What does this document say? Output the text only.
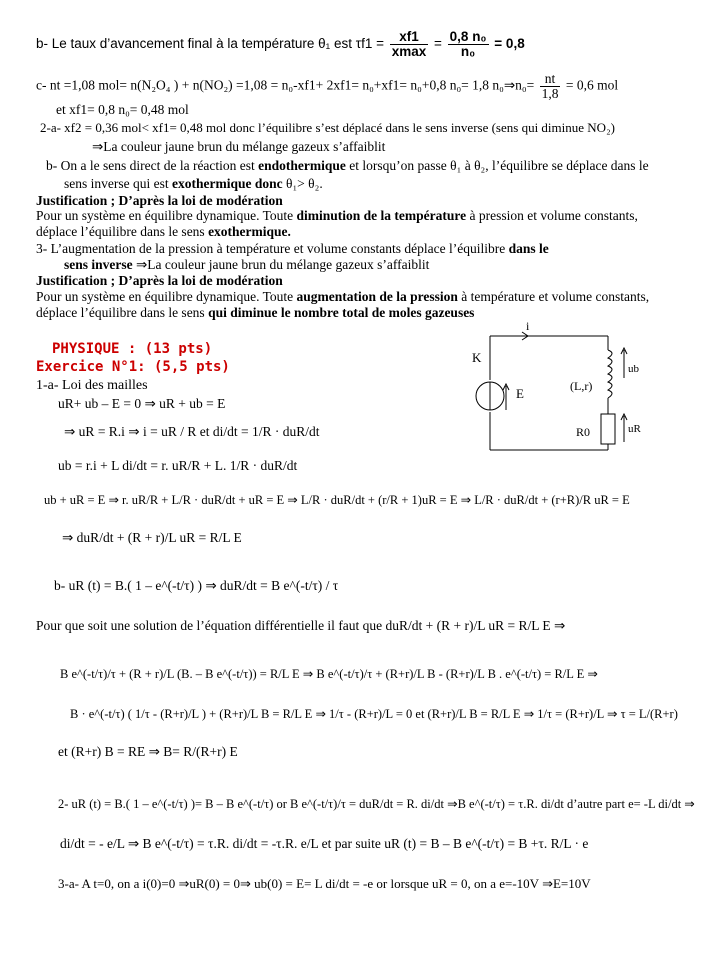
b- Le taux d’avancement final à la température θ₁ est $\tau f1 = \frac{xf1}{xmax} = \frac{\text{0,8 n₀}}{\text{n₀}} = 0,8$
c- nt =1,08 mol= n(N₂O₄ ) + n(NO₂) =1,08 = n₀-xf1+ 2xf1= n₀+xf1= n₀+0,8 n₀= 1,8 n₀⇒n₀= $\frac{nt}{1,8} = 0,6$ mol
et xf1= 0,8 n₀= 0,48 mol
2-a- xf2 = 0,36 mol< xf1= 0,48 mol donc l’équilibre s’est déplacé dans le sens inverse (sens qui diminue NO₂)
⇒La couleur jaune brun du mélange gazeux s’affaiblit
b- On a le sens direct de la réaction est endothermique et lorsqu’on passe θ₁ à θ₂, l’équilibre se déplace dans le
sens inverse qui est exothermique donc θ₁> θ₂.
Justification ; D’après la loi de modération
Pour un système en équilibre dynamique. Toute diminution de la température à pression et volume constants,
déplace l’équilibre dans le sens exothermique.
3- L’augmentation de la pression à température et volume constants déplace l’équilibre dans le
sens inverse ⇒La couleur jaune brun du mélange gazeux s’affaiblit
Justification ; D’après la loi de modération
Pour un système en équilibre dynamique. Toute augmentation de la pression à température et volume constants,
déplace l’équilibre dans le sens qui diminue le nombre total de moles gazeuses
PHYSIQUE : (13 pts)
Exercice N°1: (5,5 pts)
1-a- Loi des mailles
i
K
E	(L,r)
ub
R0	uR
uR+ ub – E = 0 ⇒ uR + ub = E
⇒ uR = R.i ⇒ i = uR / R et di/dt = 1/R · duR/dt
ub = r.i + L di/dt = r. uR/R + L. 1/R · duR/dt
ub + uR = E ⇒ r. uR/R + L/R · duR/dt + uR = E ⇒ L/R · duR/dt + (r/R + 1)uR = E ⇒ L/R · duR/dt + (r+R)/R uR = E
⇒ duR/dt + (R + r)/L uR = R/L E
b- uR (t) = B.( 1 – e^(-t/τ) ) ⇒ duR/dt = B e^(-t/τ) / τ
Pour que soit une solution de l’équation différentielle il faut que duR/dt + (R + r)/L uR = R/L E ⇒
B e^(-t/τ)/τ + (R + r)/L (B. – B e^(-t/τ)) = R/L E ⇒ B e^(-t/τ)/τ + (R+r)/L B - (R+r)/L B . e^(-t/τ) = R/L E ⇒
B · e^(-t/τ) ( 1/τ - (R+r)/L ) + (R+r)/L B = R/L E ⇒ 1/τ - (R+r)/L = 0 et (R+r)/L B = R/L E ⇒ 1/τ = (R+r)/L ⇒ τ = L/(R+r)
et (R+r) B = RE ⇒ B= R/(R+r) E
2- uR (t) = B.( 1 – e^(-t/τ) )= B – B e^(-t/τ) or B e^(-t/τ)/τ = duR/dt = R. di/dt ⇒B e^(-t/τ) = τ.R. di/dt d’autre part e= -L di/dt ⇒
di/dt = - e/L ⇒ B e^(-t/τ) = τ.R. di/dt = -τ.R. e/L et par suite uR (t) = B – B e^(-t/τ) = B +τ. R/L · e
3-a- A t=0, on a i(0)=0 ⇒uR(0) = 0⇒ ub(0) = E= L di/dt = -e or lorsque uR = 0, on a e=-10V ⇒E=10V
